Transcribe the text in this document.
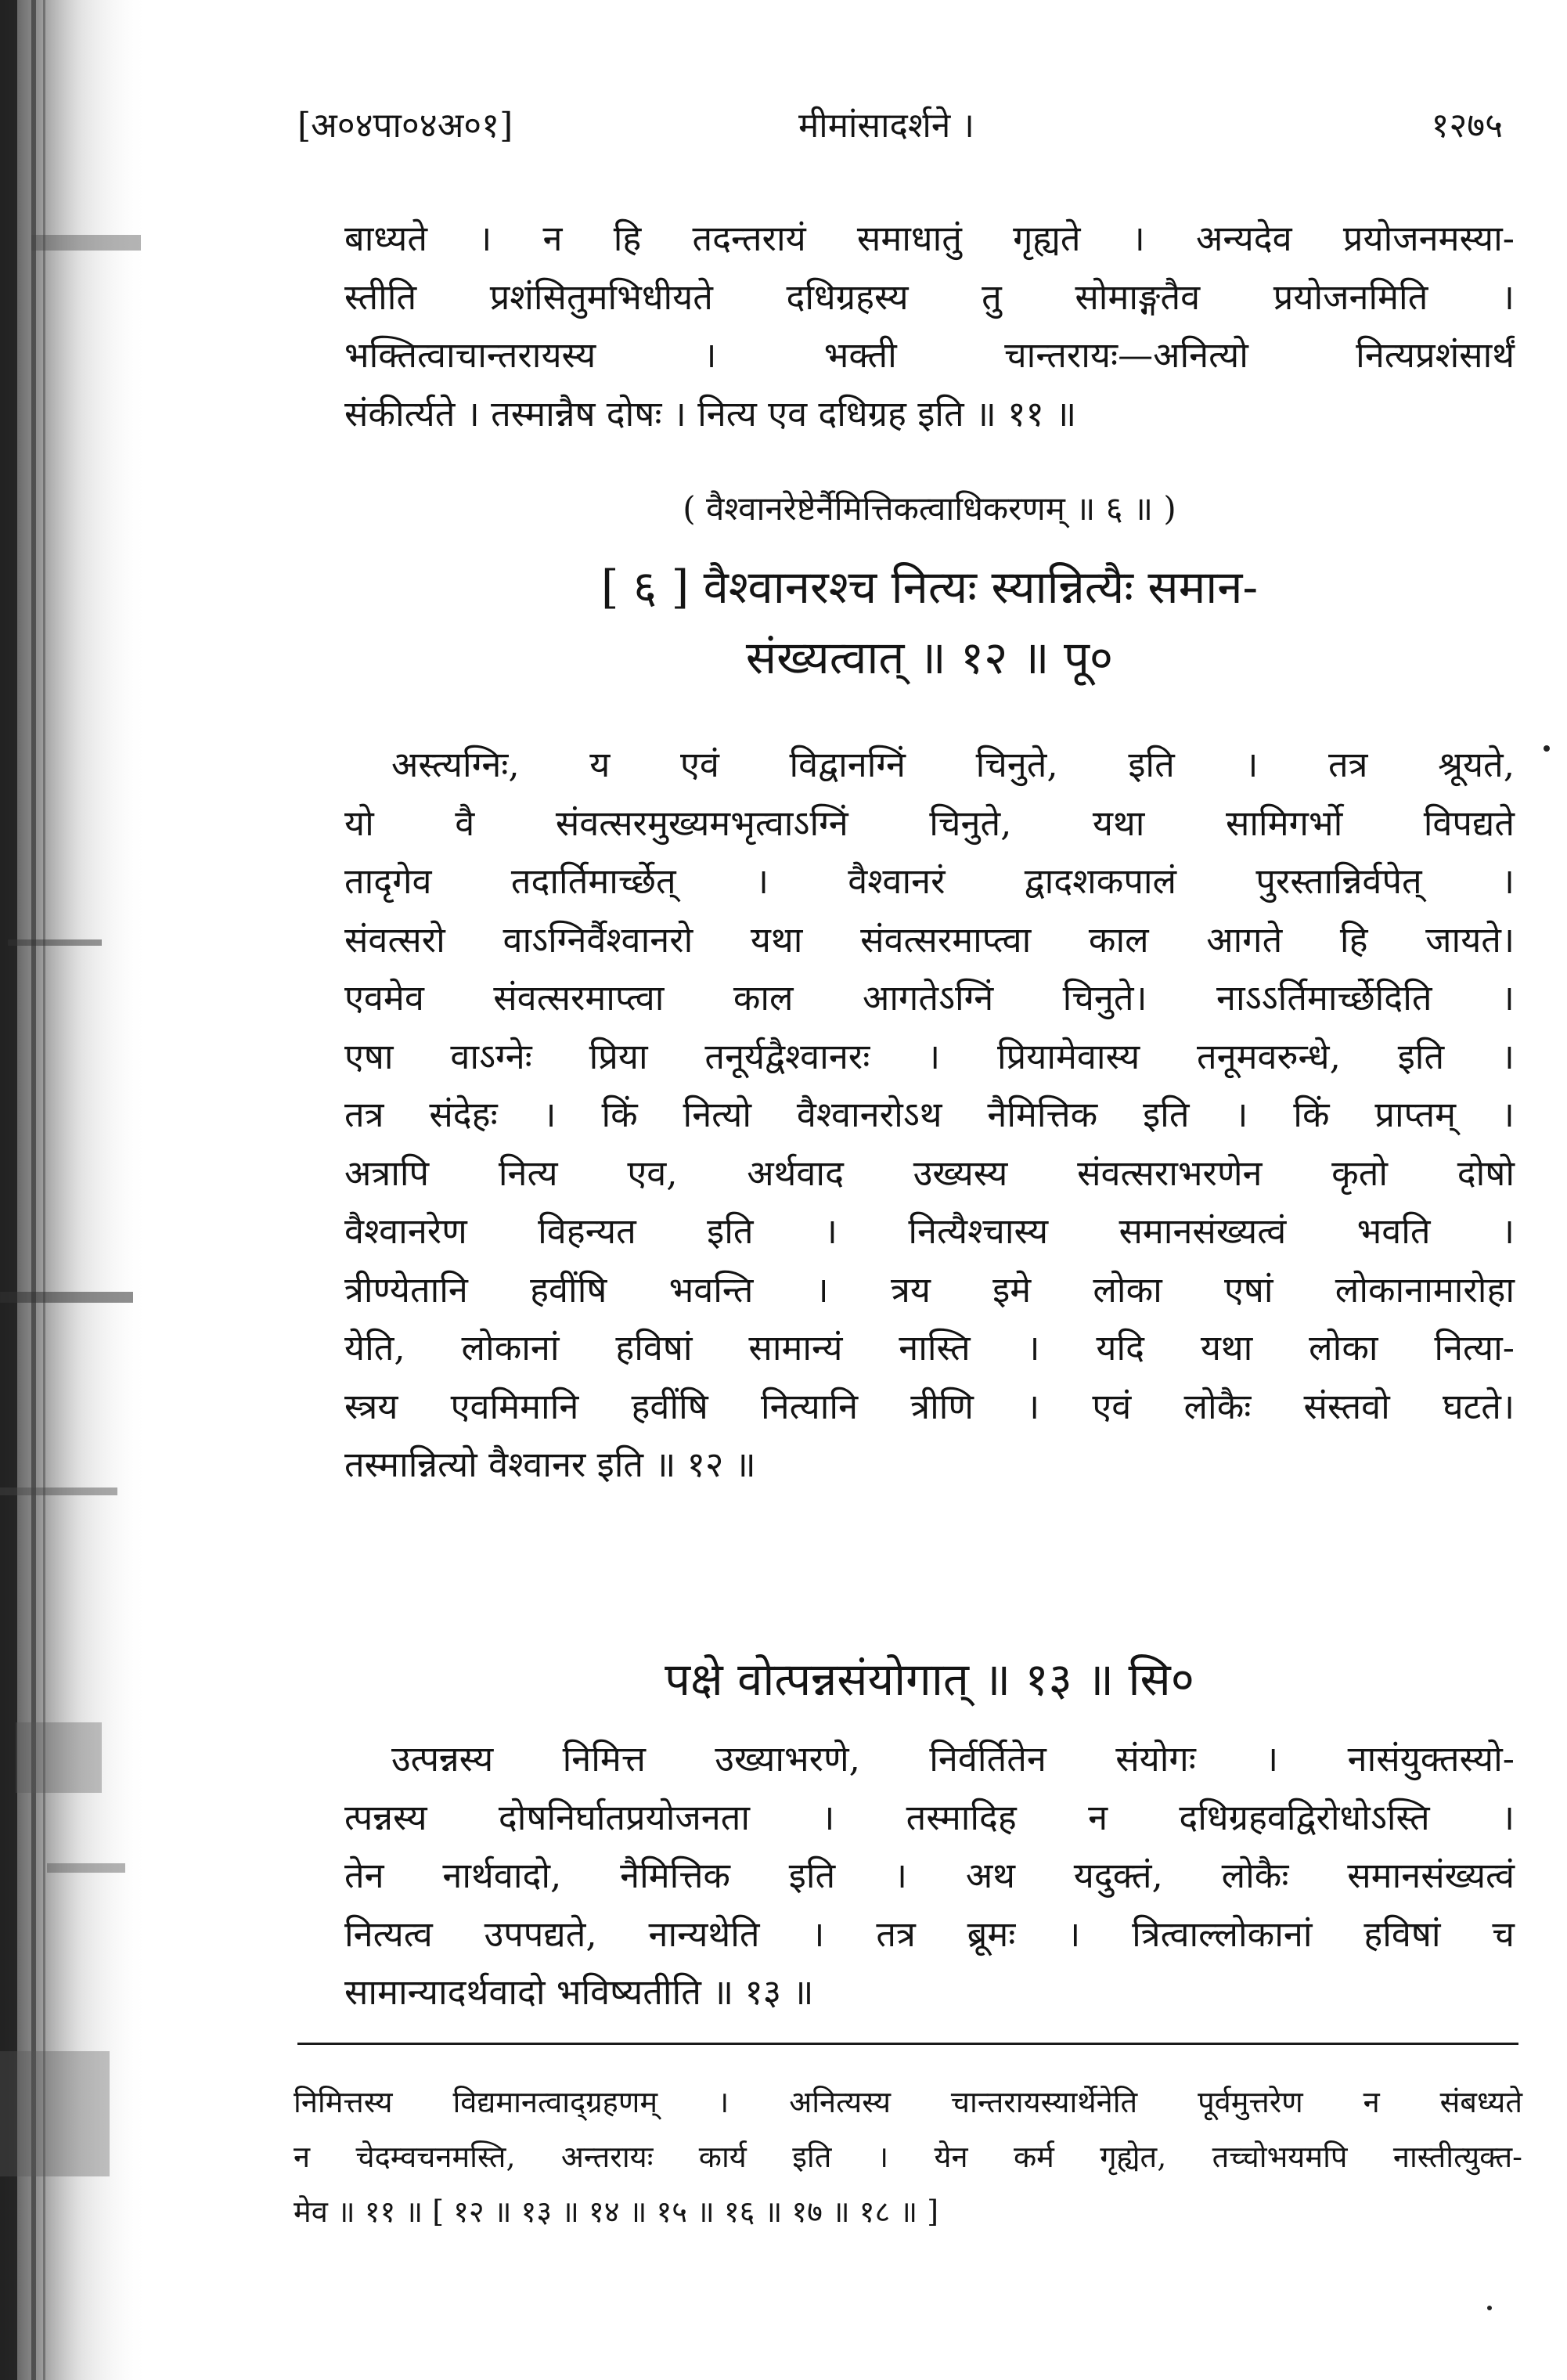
[अ०४पा०४अ०१]	मीमांसादर्शने ।	१२७५
बाध्यते । न हि तदन्तरायं समाधातुं गृह्यते । अन्यदेव प्रयोजनमस्या-
स्तीति प्रशंसितुमभिधीयते दधिग्रहस्य तु सोमाङ्गतैव प्रयोजनमिति ।
भक्तित्वाचान्तरायस्य । भक्ती चान्तरायः—अनित्यो नित्यप्रशंसार्थं
संकीर्त्यते । तस्मान्नैष दोषः । नित्य एव दधिग्रह इति ॥ ११ ॥
( वैश्वानरेष्टेर्नैमित्तिकत्वाधिकरणम् ॥ ६ ॥ )
[ ६ ] वैश्वानरश्च नित्यः स्यान्नित्यैः समान-
संख्यत्वात् ॥ १२ ॥ पू०
अस्त्यग्निः, य एवं विद्वानग्निं चिनुते, इति । तत्र श्रूयते,
यो वै संवत्सरमुख्यमभृत्वाऽग्निं चिनुते, यथा सामिगर्भो विपद्यते
तादृगेव तदार्तिमार्च्छेत् । वैश्वानरं द्वादशकपालं पुरस्तान्निर्वपेत् ।
संवत्सरो वाऽग्निर्वैश्वानरो यथा संवत्सरमाप्त्वा काल आगते हि जायते।
एवमेव संवत्सरमाप्त्वा काल आगतेऽग्निं चिनुते। नाऽऽर्तिमार्च्छेदिति ।
एषा वाऽग्नेः प्रिया तनूर्यद्वैश्वानरः । प्रियामेवास्य तनूमवरुन्धे, इति ।
तत्र संदेहः । किं नित्यो वैश्वानरोऽथ नैमित्तिक इति । किं प्राप्तम् ।
अत्रापि नित्य एव, अर्थवाद उख्यस्य संवत्सराभरणेन कृतो दोषो
वैश्वानरेण विहन्यत इति । नित्यैश्चास्य समानसंख्यत्वं भवति ।
त्रीण्येतानि हवींषि भवन्ति । त्रय इमे लोका एषां लोकानामारोहा
येति, लोकानां हविषां सामान्यं नास्ति । यदि यथा लोका नित्या-
स्त्रय एवमिमानि हवींषि नित्यानि त्रीणि । एवं लोकैः संस्तवो घटते।
तस्मान्नित्यो वैश्वानर इति ॥ १२ ॥
पक्षे वोत्पन्नसंयोगात् ॥ १३ ॥ सि०
उत्पन्नस्य निमित्त उख्याभरणे, निर्वर्तितेन संयोगः । नासंयुक्तस्यो-
त्पन्नस्य दोषनिर्घातप्रयोजनता । तस्मादिह न दधिग्रहवद्विरोधोऽस्ति ।
तेन नार्थवादो, नैमित्तिक इति । अथ यदुक्तं, लोकैः समानसंख्यत्वं
नित्यत्व उपपद्यते, नान्यथेति । तत्र ब्रूमः । त्रित्वाल्लोकानां हविषां च
सामान्यादर्थवादो भविष्यतीति ॥ १३ ॥
निमित्तस्य विद्यमानत्वाद्ग्रहणम् । अनित्यस्य चान्तरायस्यार्थेनेति पूर्वमुत्तरेण न संबध्यते
न चेदम्वचनमस्ति, अन्तरायः कार्य इति । येन कर्म गृह्येत, तच्चोभयमपि नास्तीत्युक्त-
मेव ॥ ११ ॥ [ १२ ॥ १३ ॥ १४ ॥ १५ ॥ १६ ॥ १७ ॥ १८ ॥ ]
